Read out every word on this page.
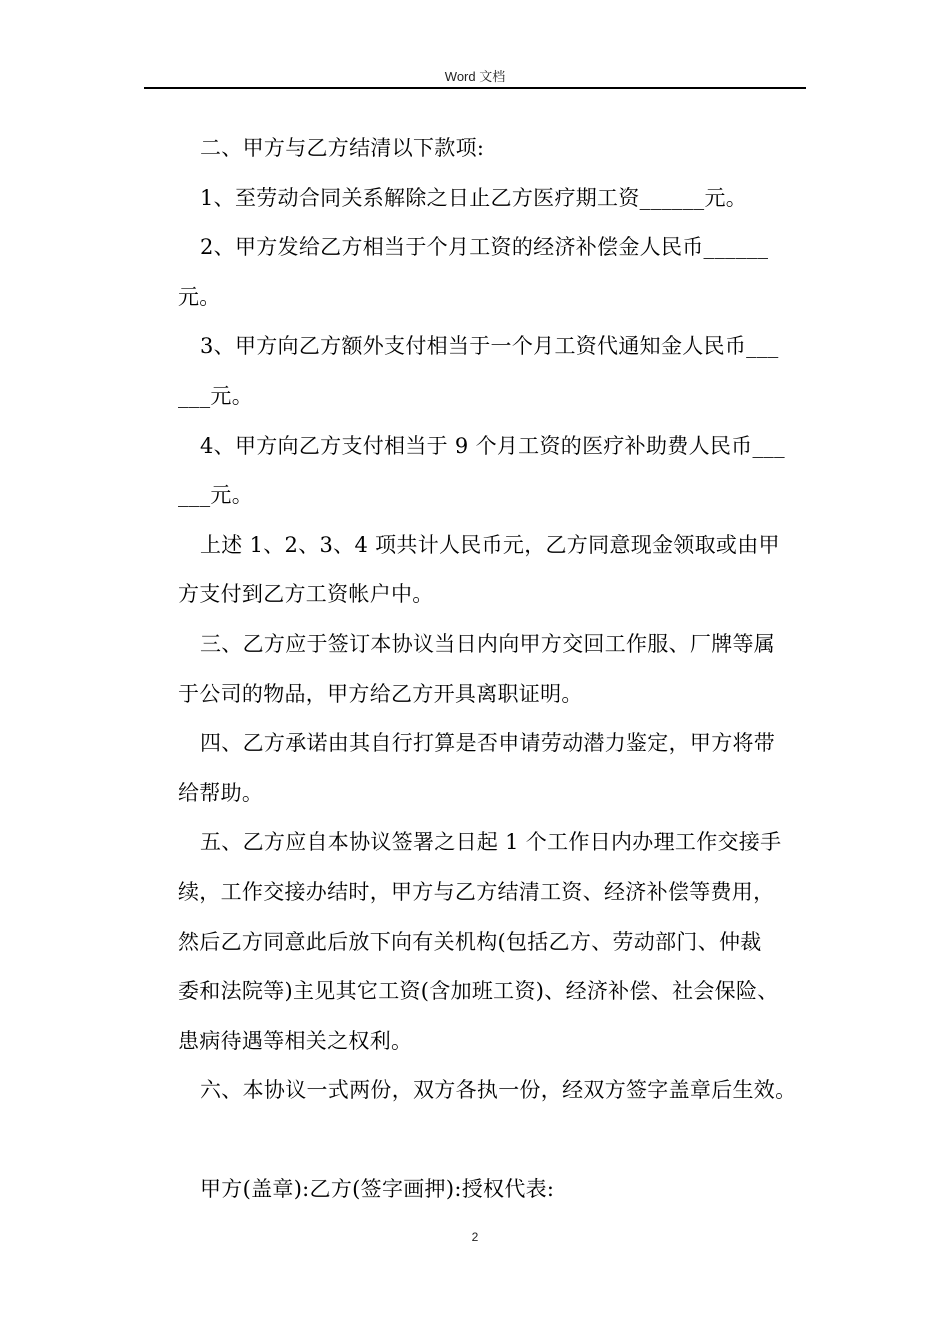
Word 文档
二、甲方与乙方结清以下款项:
1、至劳动合同关系解除之日止乙方医疗期工资______元。
2、甲方发给乙方相当于个月工资的经济补偿金人民币______
元。
3、甲方向乙方额外支付相当于一个月工资代通知金人民币___
___元。
4、甲方向乙方支付相当于 9 个月工资的医疗补助费人民币___
___元。
上述 1、2、3、4 项共计人民币元，乙方同意现金领取或由甲
方支付到乙方工资帐户中。
三、乙方应于签订本协议当日内向甲方交回工作服、厂牌等属
于公司的物品，甲方给乙方开具离职证明。
四、乙方承诺由其自行打算是否申请劳动潜力鉴定，甲方将带
给帮助。
五、乙方应自本协议签署之日起 1 个工作日内办理工作交接手
续，工作交接办结时，甲方与乙方结清工资、经济补偿等费用，
然后乙方同意此后放下向有关机构(包括乙方、劳动部门、仲裁
委和法院等)主见其它工资(含加班工资)、经济补偿、社会保险、
患病待遇等相关之权利。
六、本协议一式两份，双方各执一份，经双方签字盖章后生效。
甲方(盖章):乙方(签字画押):授权代表:
2
